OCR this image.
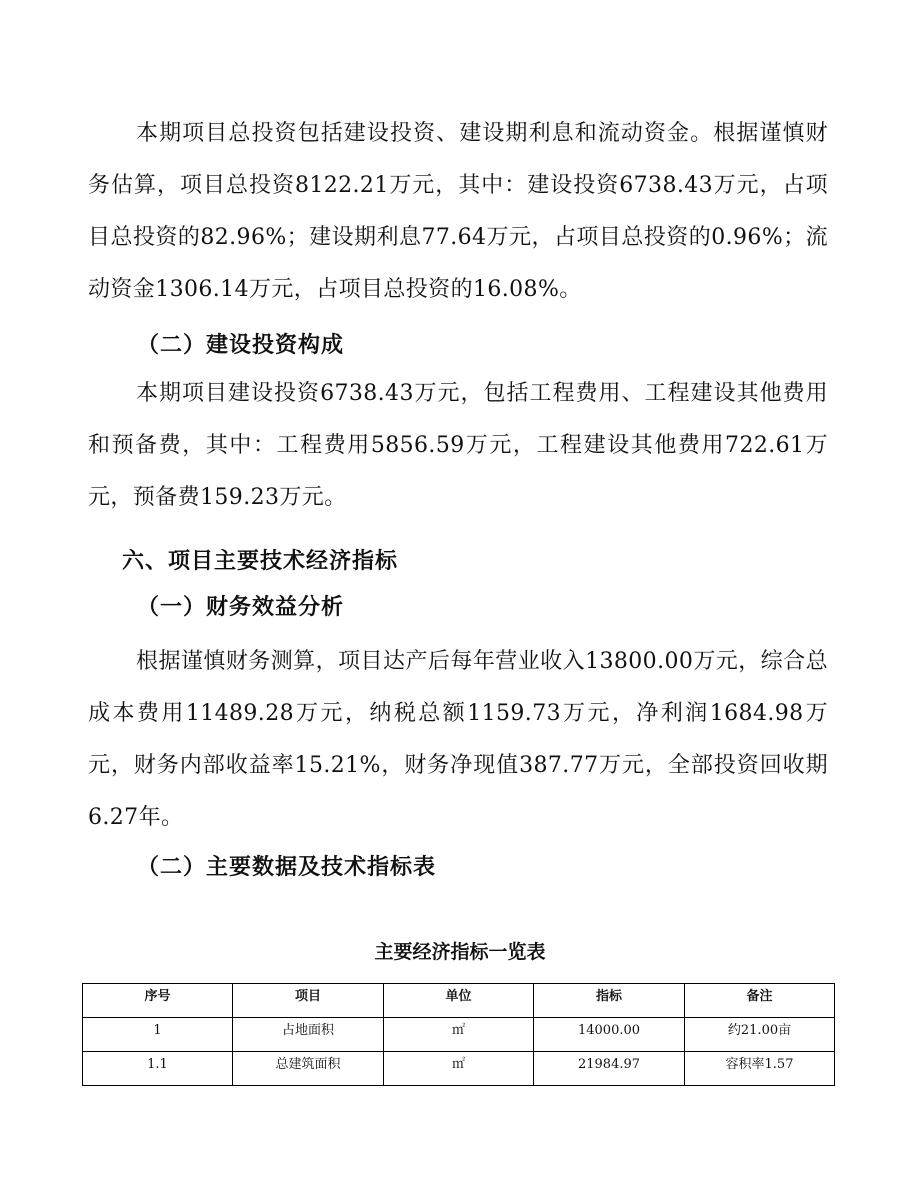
本期项目总投资包括建设投资、建设期利息和流动资金。根据谨慎财务估算，项目总投资8122.21万元，其中：建设投资6738.43万元，占项目总投资的82.96%；建设期利息77.64万元，占项目总投资的0.96%；流动资金1306.14万元，占项目总投资的16.08%。

（二）建设投资构成

本期项目建设投资6738.43万元，包括工程费用、工程建设其他费用和预备费，其中：工程费用5856.59万元，工程建设其他费用722.61万元，预备费159.23万元。

六、项目主要技术经济指标
（一）财务效益分析

根据谨慎财务测算，项目达产后每年营业收入13800.00万元，综合总成本费用11489.28万元，纳税总额1159.73万元，净利润1684.98万元，财务内部收益率15.21%，财务净现值387.77万元，全部投资回收期6.27年。

（二）主要数据及技术指标表
主要经济指标一览表
序号	项目	单位	指标	备注
1	占地面积	㎡	14000.00	约21.00亩
1.1	总建筑面积	㎡	21984.97	容积率1.57
